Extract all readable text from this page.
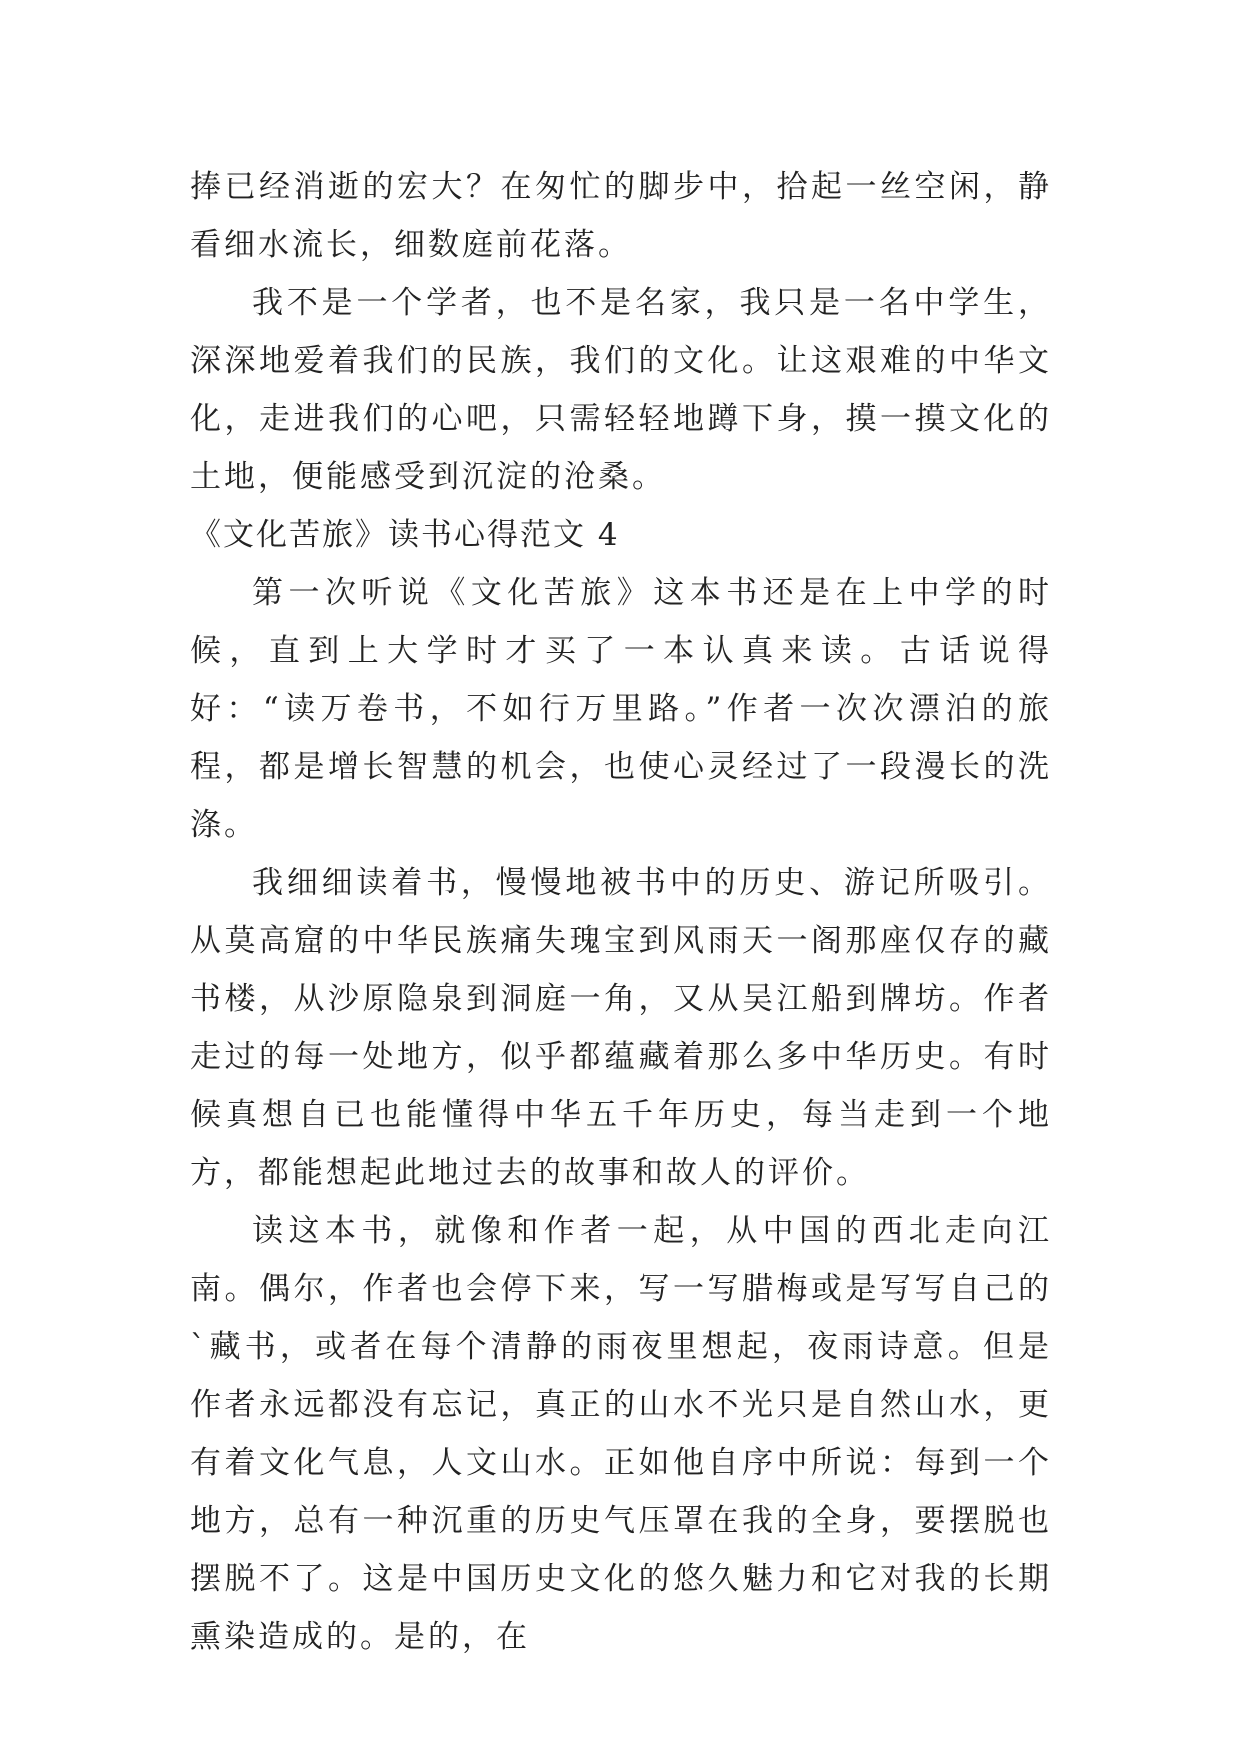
捧已经消逝的宏大？在匆忙的脚步中，拾起一丝空闲，静看细水流长，细数庭前花落。

我不是一个学者，也不是名家，我只是一名中学生，深深地爱着我们的民族，我们的文化。让这艰难的中华文化，走进我们的心吧，只需轻轻地蹲下身，摸一摸文化的土地，便能感受到沉淀的沧桑。

《文化苦旅》读书心得范文 4

第一次听说《文化苦旅》这本书还是在上中学的时候，直到上大学时才买了一本认真来读。古话说得好：“读万卷书，不如行万里路。”作者一次次漂泊的旅程，都是增长智慧的机会，也使心灵经过了一段漫长的洗涤。

我细细读着书，慢慢地被书中的历史、游记所吸引。从莫高窟的中华民族痛失瑰宝到风雨天一阁那座仅存的藏书楼，从沙原隐泉到洞庭一角，又从吴江船到牌坊。作者走过的每一处地方，似乎都蕴藏着那么多中华历史。有时候真想自已也能懂得中华五千年历史，每当走到一个地方，都能想起此地过去的故事和故人的评价。

读这本书，就像和作者一起，从中国的西北走向江南。偶尔，作者也会停下来，写一写腊梅或是写写自己的`藏书，或者在每个清静的雨夜里想起，夜雨诗意。但是作者永远都没有忘记，真正的山水不光只是自然山水，更有着文化气息，人文山水。正如他自序中所说：每到一个地方，总有一种沉重的历史气压罩在我的全身，要摆脱也摆脱不了。这是中国历史文化的悠久魅力和它对我的长期熏染造成的。是的，在
